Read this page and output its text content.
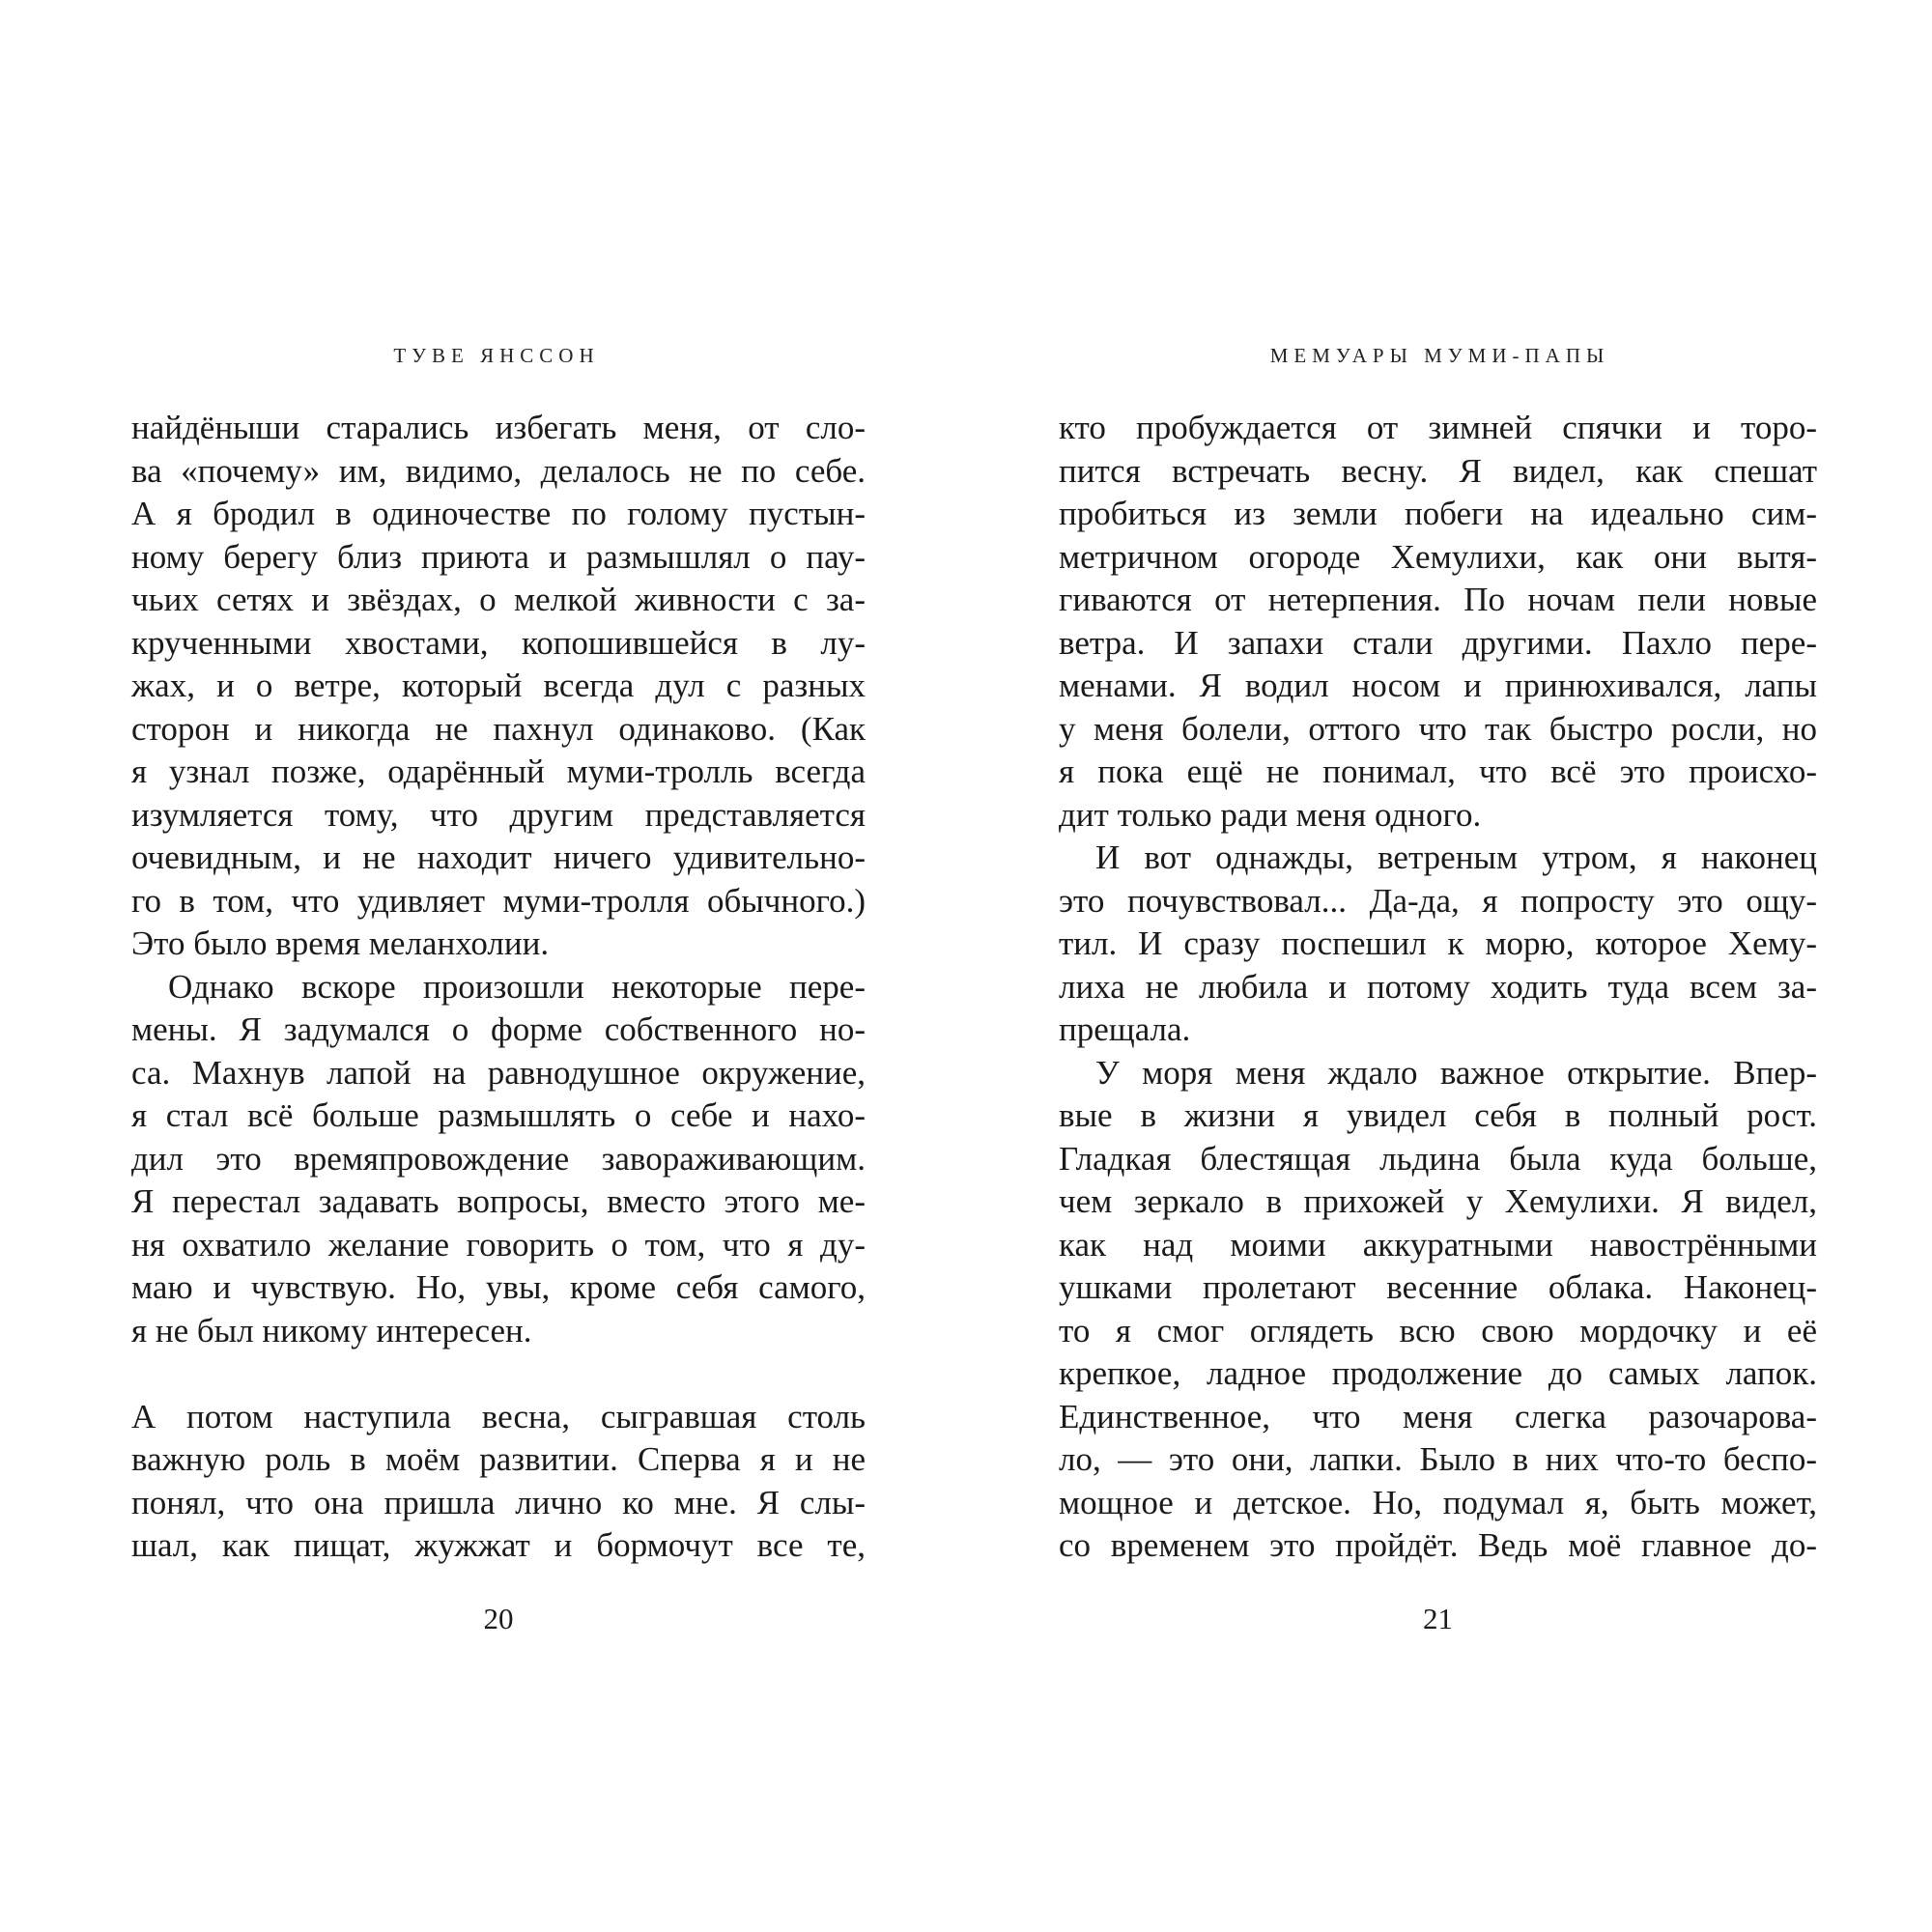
ТУВЕ ЯНССОН
найдёныши старались избегать меня, от сло-
ва «почему» им, видимо, делалось не по себе.
А я бродил в одиночестве по голому пустын-
ному берегу близ приюта и размышлял о пау-
чьих сетях и звёздах, о мелкой живности с за-
крученными хвостами, копошившейся в лу-
жах, и о ветре, который всегда дул с разных
сторон и никогда не пахнул одинаково. (Как
я узнал позже, одарённый муми-тролль всегда
изумляется тому, что другим представляется
очевидным, и не находит ничего удивительно-
го в том, что удивляет муми-тролля обычного.)
Это было время меланхолии.
Однако вскоре произошли некоторые пере-
мены. Я задумался о форме собственного но-
са. Махнув лапой на равнодушное окружение,
я стал всё больше размышлять о себе и нахо-
дил это времяпровождение завораживающим.
Я перестал задавать вопросы, вместо этого ме-
ня охватило желание говорить о том, что я ду-
маю и чувствую. Но, увы, кроме себя самого,
я не был никому интересен.
А потом наступила весна, сыгравшая столь
важную роль в моём развитии. Сперва я и не
понял, что она пришла лично ко мне. Я слы-
шал, как пищат, жужжат и бормочут все те,
20
МЕМУАРЫ МУМИ-ПАПЫ
кто пробуждается от зимней спячки и торо-
пится встречать весну. Я видел, как спешат
пробиться из земли побеги на идеально сим-
метричном огороде Хемулихи, как они вытя-
гиваются от нетерпения. По ночам пели новые
ветра. И запахи стали другими. Пахло пере-
менами. Я водил носом и принюхивался, лапы
у меня болели, оттого что так быстро росли, но
я пока ещё не понимал, что всё это происхо-
дит только ради меня одного.
И вот однажды, ветреным утром, я наконец
это почувствовал... Да-да, я попросту это ощу-
тил. И сразу поспешил к морю, которое Хему-
лиха не любила и потому ходить туда всем за-
прещала.
У моря меня ждало важное открытие. Впер-
вые в жизни я увидел себя в полный рост.
Гладкая блестящая льдина была куда больше,
чем зеркало в прихожей у Хемулихи. Я видел,
как над моими аккуратными навострёнными
ушками пролетают весенние облака. Наконец-
то я смог оглядеть всю свою мордочку и её
крепкое, ладное продолжение до самых лапок.
Единственное, что меня слегка разочарова-
ло, — это они, лапки. Было в них что-то беспо-
мощное и детское. Но, подумал я, быть может,
со временем это пройдёт. Ведь моё главное до-
21
